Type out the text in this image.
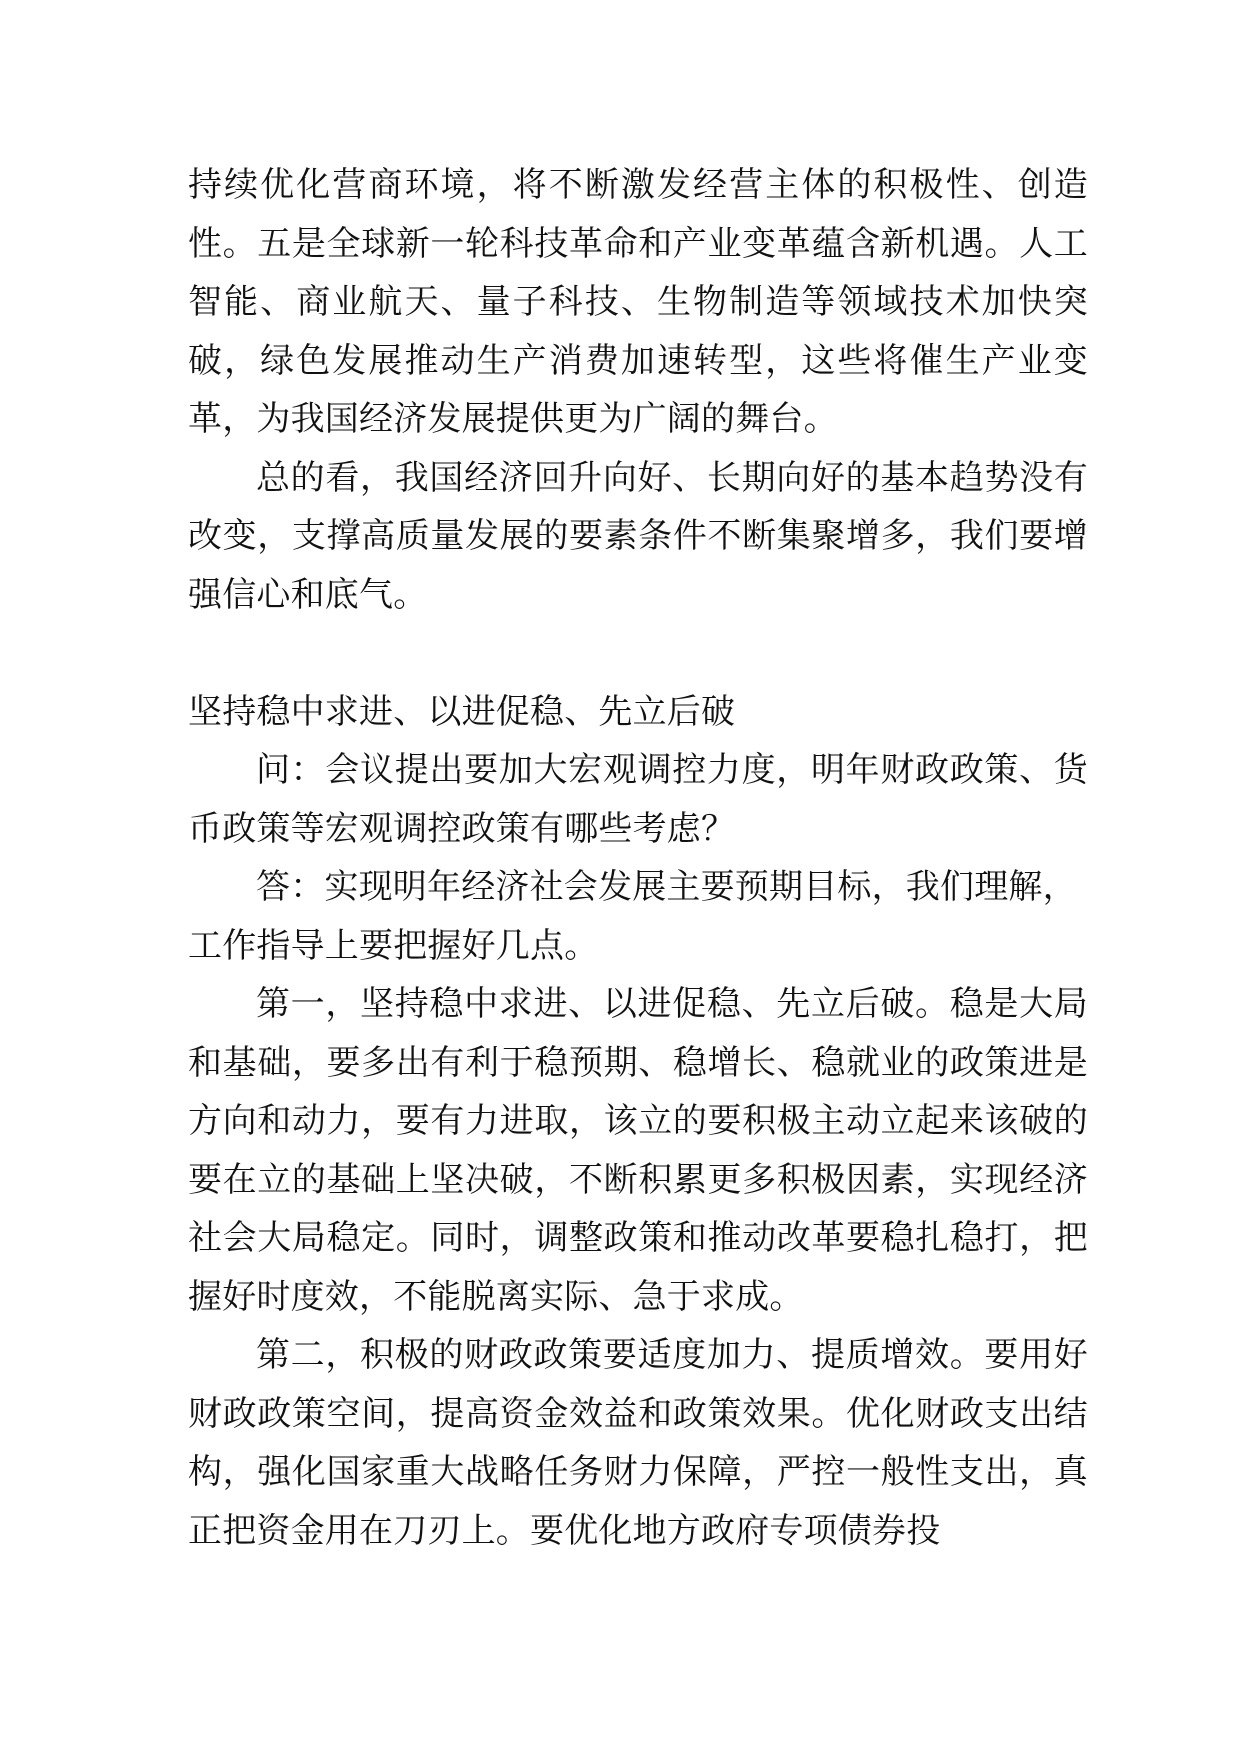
持续优化营商环境，将不断激发经营主体的积极性、创造性。五是全球新一轮科技革命和产业变革蕴含新机遇。人工智能、商业航天、量子科技、生物制造等领域技术加快突破，绿色发展推动生产消费加速转型，这些将催生产业变革，为我国经济发展提供更为广阔的舞台。

总的看，我国经济回升向好、长期向好的基本趋势没有改变，支撑高质量发展的要素条件不断集聚增多，我们要增强信心和底气。

坚持稳中求进、以进促稳、先立后破

问：会议提出要加大宏观调控力度，明年财政政策、货币政策等宏观调控政策有哪些考虑？

答：实现明年经济社会发展主要预期目标，我们理解，

工作指导上要把握好几点。

第一，坚持稳中求进、以进促稳、先立后破。稳是大局和基础，要多出有利于稳预期、稳增长、稳就业的政策进是方向和动力，要有力进取，该立的要积极主动立起来该破的要在立的基础上坚决破，不断积累更多积极因素，实现经济社会大局稳定。同时，调整政策和推动改革要稳扎稳打，把握好时度效，不能脱离实际、急于求成。

第二，积极的财政政策要适度加力、提质增效。要用好财政政策空间，提高资金效益和政策效果。优化财政支出结构，强化国家重大战略任务财力保障，严控一般性支出，真正把资金用在刀刃上。要优化地方政府专项债券投
